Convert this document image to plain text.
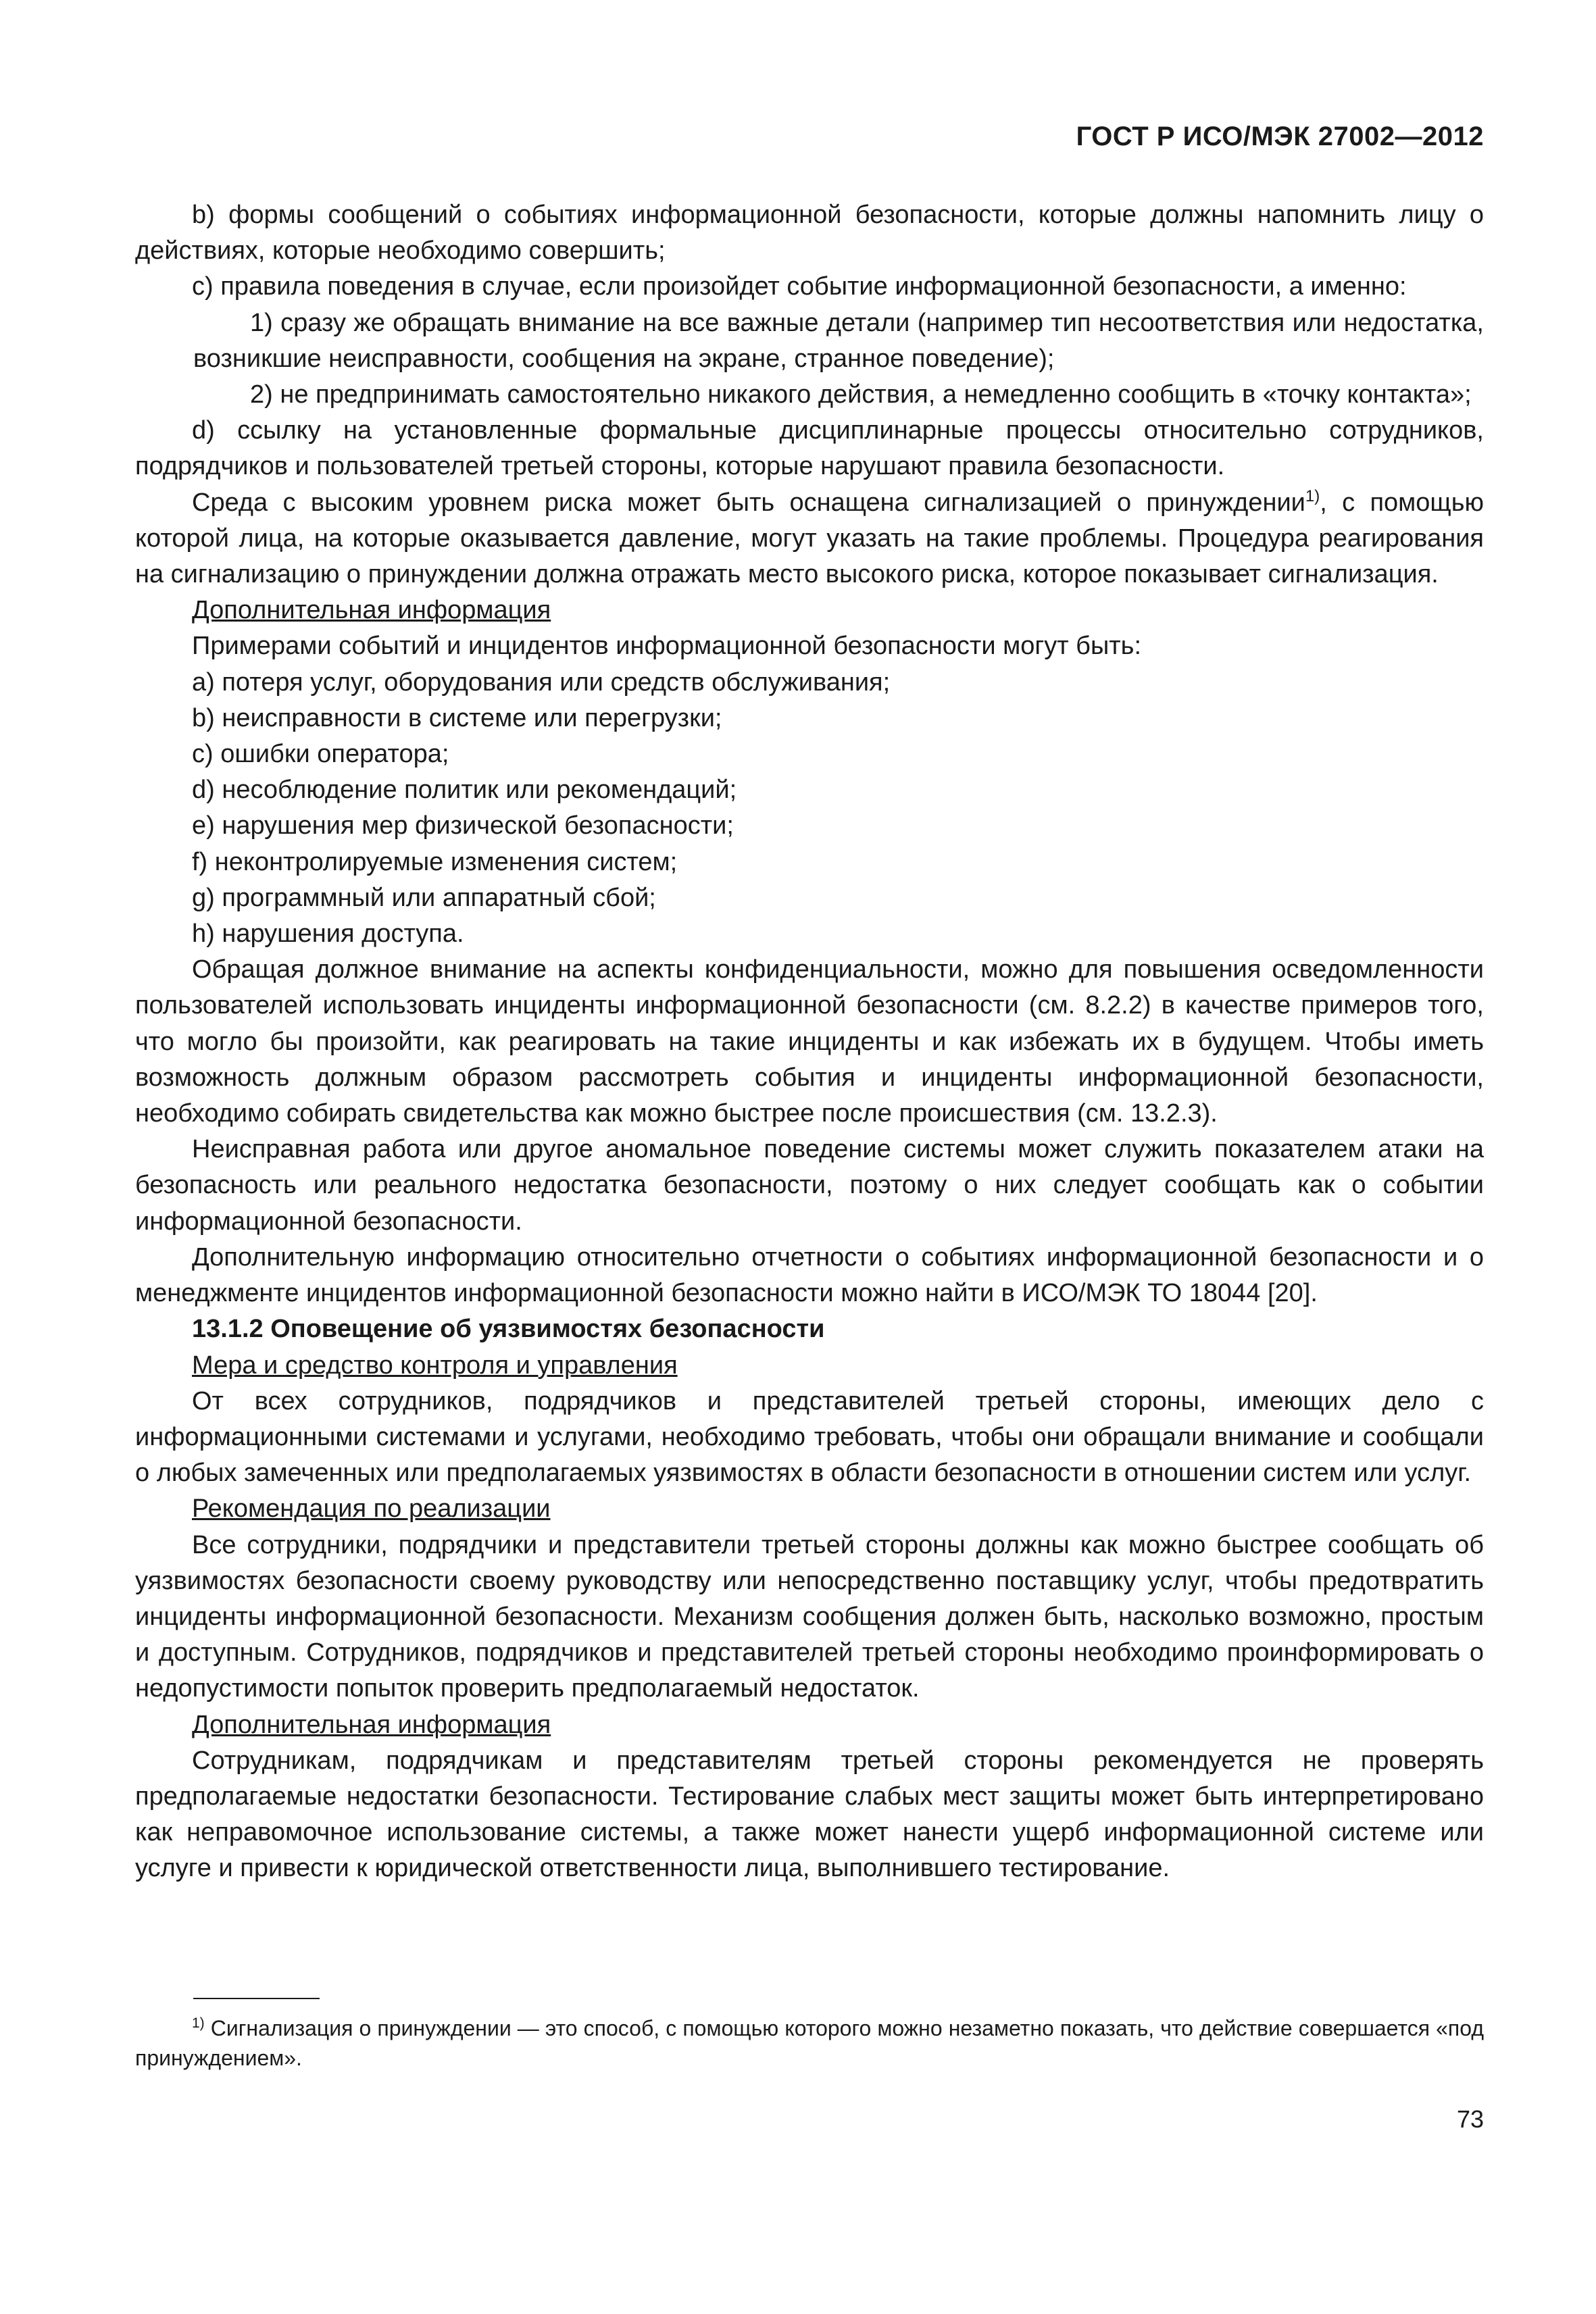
ГОСТ Р ИСО/МЭК 27002—2012

b) формы сообщений о событиях информационной безопасности, которые должны напомнить лицу о действиях, которые необходимо совершить;

c) правила поведения в случае, если произойдет событие информационной безопасности, а именно:

1) сразу же обращать внимание на все важные детали (например тип несоответствия или недостатка, возникшие неисправности, сообщения на экране, странное поведение);

2) не предпринимать самостоятельно никакого действия, а немедленно сообщить в «точку контакта»;

d) ссылку на установленные формальные дисциплинарные процессы относительно сотрудников, подрядчиков и пользователей третьей стороны, которые нарушают правила безопасности.

Среда с высоким уровнем риска может быть оснащена сигнализацией о принуждении$^{1)}$, с помощью которой лица, на которые оказывается давление, могут указать на такие проблемы. Процедура реагирования на сигнализацию о принуждении должна отражать место высокого риска, которое показывает сигнализация.

Дополнительная информация

Примерами событий и инцидентов информационной безопасности могут быть:

a) потеря услуг, оборудования или средств обслуживания;

b) неисправности в системе или перегрузки;

c) ошибки оператора;

d) несоблюдение политик или рекомендаций;

e) нарушения мер физической безопасности;

f) неконтролируемые изменения систем;

g) программный или аппаратный сбой;

h) нарушения доступа.

Обращая должное внимание на аспекты конфиденциальности, можно для повышения осведомленности пользователей использовать инциденты информационной безопасности (см. 8.2.2) в качестве примеров того, что могло бы произойти, как реагировать на такие инциденты и как избежать их в будущем. Чтобы иметь возможность должным образом рассмотреть события и инциденты информационной безопасности, необходимо собирать свидетельства как можно быстрее после происшествия (см. 13.2.3).

Неисправная работа или другое аномальное поведение системы может служить показателем атаки на безопасность или реального недостатка безопасности, поэтому о них следует сообщать как о событии информационной безопасности.

Дополнительную информацию относительно отчетности о событиях информационной безопасности и о менеджменте инцидентов информационной безопасности можно найти в ИСО/МЭК ТО 18044 [20].

13.1.2 Оповещение об уязвимостях безопасности

Мера и средство контроля и управления

От всех сотрудников, подрядчиков и представителей третьей стороны, имеющих дело с информационными системами и услугами, необходимо требовать, чтобы они обращали внимание и сообщали о любых замеченных или предполагаемых уязвимостях в области безопасности в отношении систем или услуг.

Рекомендация по реализации

Все сотрудники, подрядчики и представители третьей стороны должны как можно быстрее сообщать об уязвимостях безопасности своему руководству или непосредственно поставщику услуг, чтобы предотвратить инциденты информационной безопасности. Механизм сообщения должен быть, насколько возможно, простым и доступным. Сотрудников, подрядчиков и представителей третьей стороны необходимо проинформировать о недопустимости попыток проверить предполагаемый недостаток.

Дополнительная информация

Сотрудникам, подрядчикам и представителям третьей стороны рекомендуется не проверять предполагаемые недостатки безопасности. Тестирование слабых мест защиты может быть интерпретировано как неправомочное использование системы, а также может нанести ущерб информационной системе или услуге и привести к юридической ответственности лица, выполнившего тестирование.

$^{1)}$ Сигнализация о принуждении — это способ, с помощью которого можно незаметно показать, что действие совершается «под принуждением».

73
